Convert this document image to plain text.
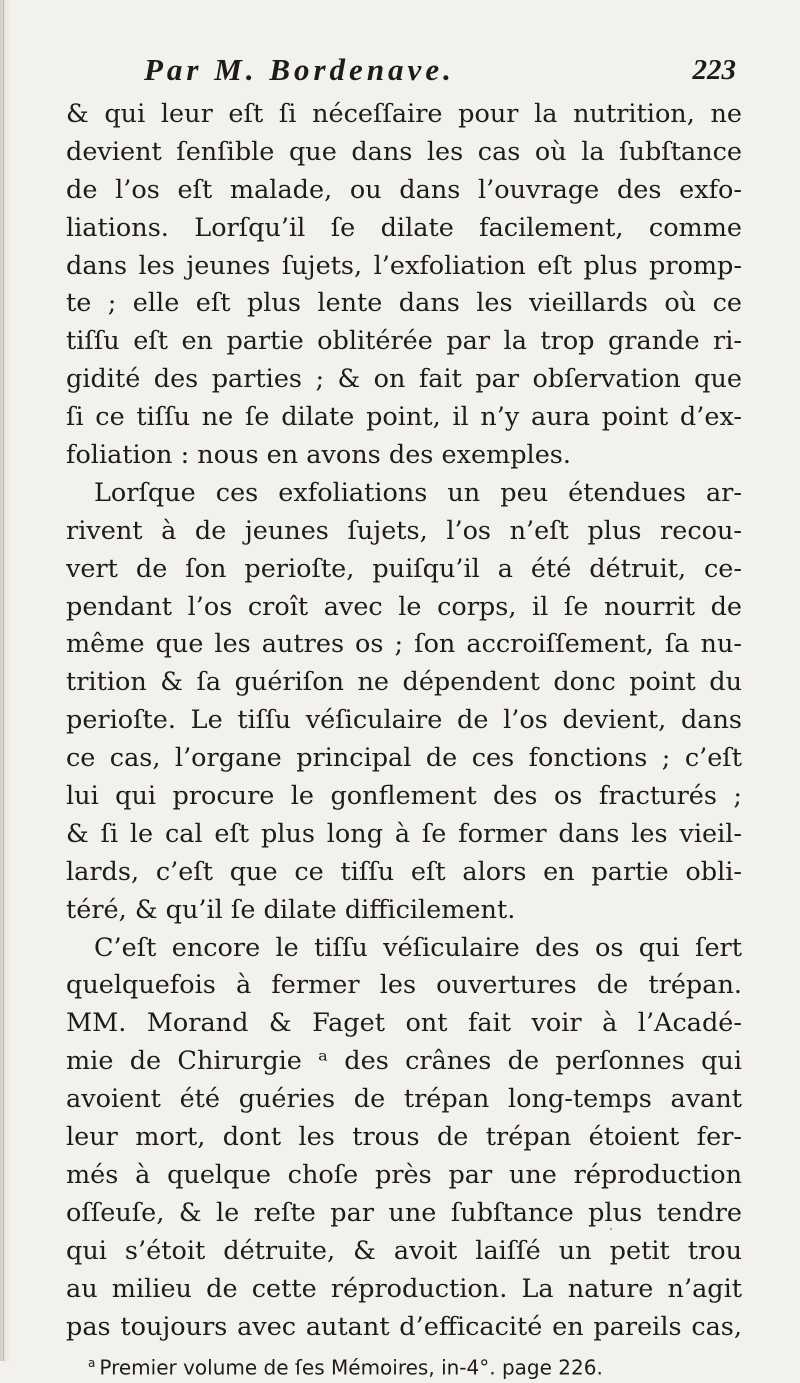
Par M. Bordenave.	223
& qui leur eſt ſi néceſſaire pour la nutrition, ne
devient ſenſible que dans les cas où la ſubſtance
de l’os eſt malade, ou dans l’ouvrage des exfo-
liations. Lorſqu’il ſe dilate facilement, comme
dans les jeunes ſujets, l’exfoliation eſt plus promp-
te ; elle eſt plus lente dans les vieillards où ce
tiſſu eſt en partie oblitérée par la trop grande ri-
gidité des parties ; & on fait par obſervation que
ſi ce tiſſu ne ſe dilate point, il n’y aura point d’ex-
foliation : nous en avons des exemples.
Lorſque ces exfoliations un peu étendues ar-
rivent à de jeunes ſujets, l’os n’eſt plus recou-
vert de ſon perioſte, puiſqu’il a été détruit, ce-
pendant l’os croît avec le corps, il ſe nourrit de
même que les autres os ; ſon accroiſſement, ſa nu-
trition & ſa guériſon ne dépendent donc point du
perioſte. Le tiſſu véſiculaire de l’os devient, dans
ce cas, l’organe principal de ces fonctions ; c’eſt
lui qui procure le gonflement des os fracturés ;
& ſi le cal eſt plus long à ſe former dans les vieil-
lards, c’eſt que ce tiſſu eſt alors en partie obli-
téré, & qu’il ſe dilate difficilement.
C’eſt encore le tiſſu véſiculaire des os qui ſert
quelquefois à fermer les ouvertures de trépan.
MM. Morand & Faget ont fait voir à l’Acadé-
mie de Chirurgie ᵃ des crânes de perſonnes qui
avoient été guéries de trépan long-temps avant
leur mort, dont les trous de trépan étoient fer-
més à quelque choſe près par une réproduction
oſſeuſe, & le reſte par une ſubſtance plus tendre
qui s’étoit détruite, & avoit laiſſé un petit trou
au milieu de cette réproduction. La nature n’agit
pas toujours avec autant d’efficacité en pareils cas,
$^a$ Premier volume de ſes Mémoires, in-4°. page 226.
